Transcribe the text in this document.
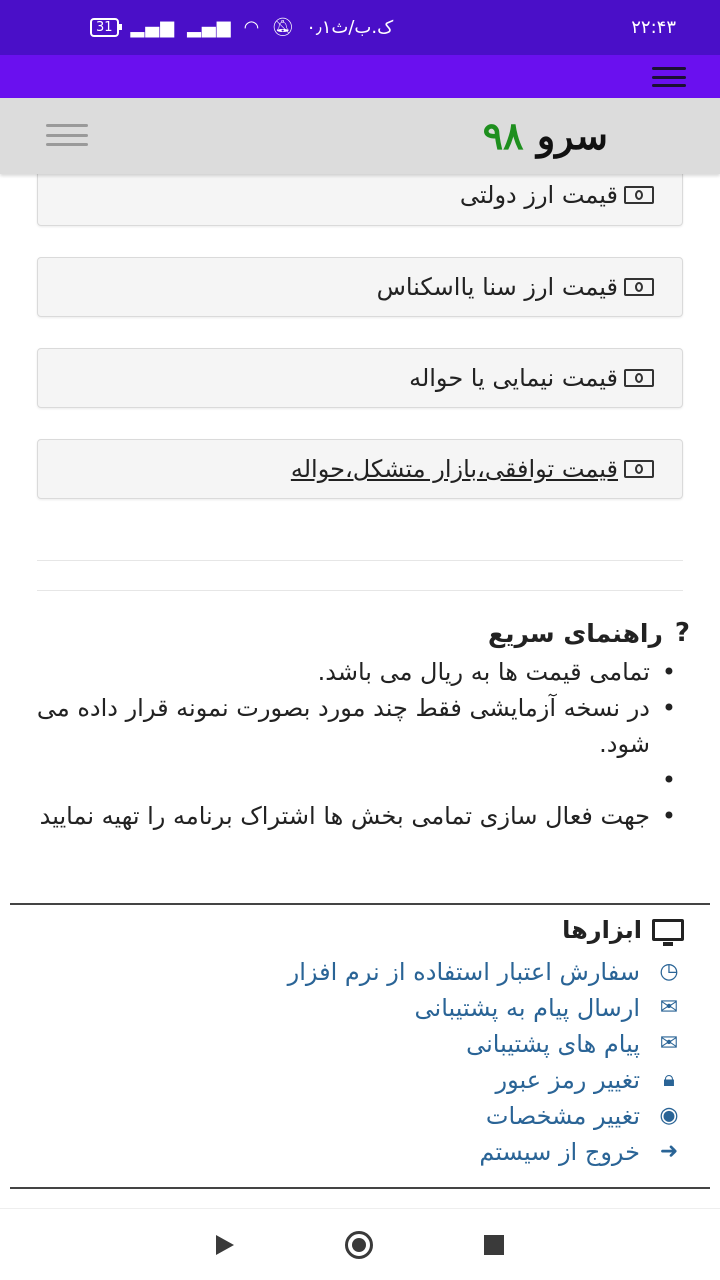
31	▂▄▆ ▂▄▆ ◠ 🔕︎ ۰٫۱ک.ب/ث	۲۲:۴۳
سرو ۹۸
قیمت ارز دولتی
قیمت ارز سنا یااسکناس
قیمت نیمایی یا حواله
قیمت توافقی،بازار متشکل،حواله
?
راهنمای سریع
• تمامی قیمت ها به ریال می باشد.
• در نسخه آزمایشی فقط چند مورد بصورت نمونه قرار داده می شود.
•
• جهت فعال سازی تمامی بخش ها اشتراک برنامه را تهیه نمایید
ابزارها
◷
سفارش اعتبار استفاده از نرم افزار
✉
ارسال پیام به پشتیبانی
✉
پیام های پشتیبانی
🔒︎
تغییر رمز عبور
◉
تغییر مشخصات
➜
خروج از سیستم
